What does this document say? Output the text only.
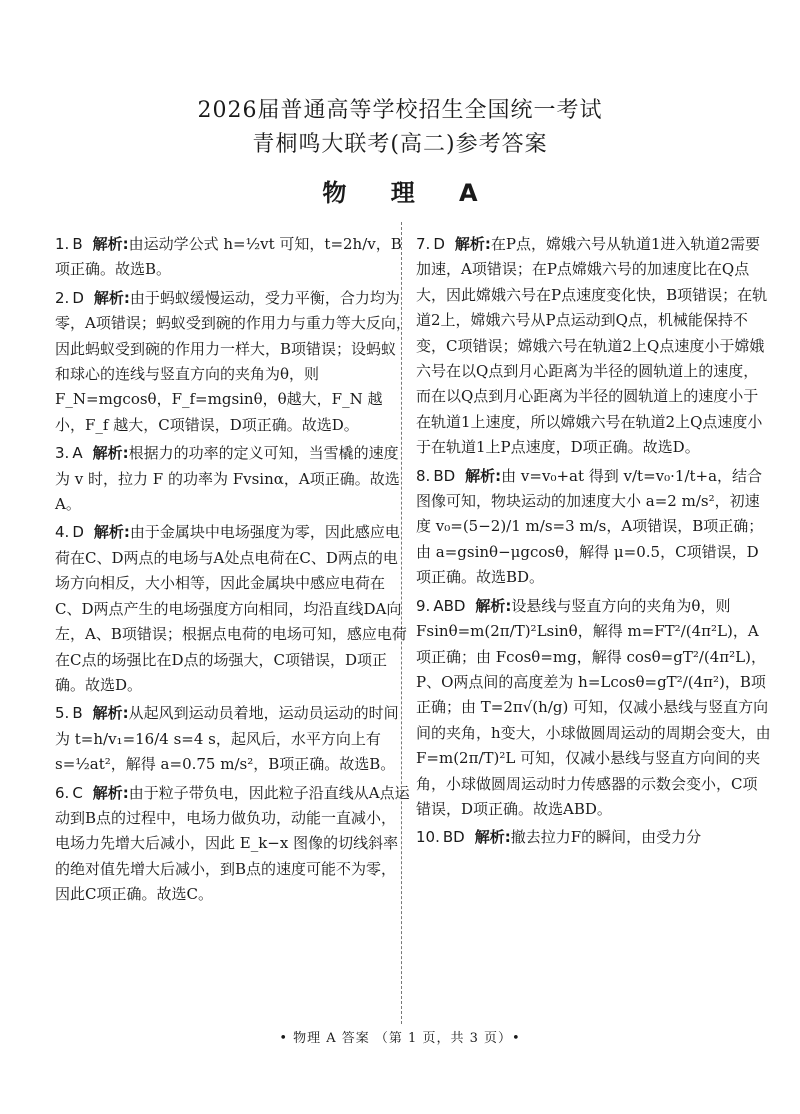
2026届普通高等学校招生全国统一考试
青桐鸣大联考(高二)参考答案
物 理 A
1. B 解析:由运动学公式 h=½vt 可知，t=2h/v，B项正确。故选B。
2. D 解析:由于蚂蚁缓慢运动，受力平衡，合力均为零，A项错误；蚂蚁受到碗的作用力与重力等大反向，因此蚂蚁受到碗的作用力一样大，B项错误；设蚂蚁和球心的连线与竖直方向的夹角为θ，则 F_N=mgcosθ，F_f=mgsinθ，θ越大，F_N 越小，F_f 越大，C项错误，D项正确。故选D。
3. A 解析:根据力的功率的定义可知，当雪橇的速度为 v 时，拉力 F 的功率为 Fvsinα，A项正确。故选A。
4. D 解析:由于金属块中电场强度为零，因此感应电荷在C、D两点的电场与A处点电荷在C、D两点的电场方向相反，大小相等，因此金属块中感应电荷在C、D两点产生的电场强度方向相同，均沿直线DA向左，A、B项错误；根据点电荷的电场可知，感应电荷在C点的场强比在D点的场强大，C项错误，D项正确。故选D。
5. B 解析:从起风到运动员着地，运动员运动的时间为 t=h/v₁=16/4 s=4 s，起风后，水平方向上有 s=½at²，解得 a=0.75 m/s²，B项正确。故选B。
6. C 解析:由于粒子带负电，因此粒子沿直线从A点运动到B点的过程中，电场力做负功，动能一直减小，电场力先增大后减小，因此 E_k−x 图像的切线斜率的绝对值先增大后减小，到B点的速度可能不为零，因此C项正确。故选C。
7. D 解析:在P点，嫦娥六号从轨道1进入轨道2需要加速，A项错误；在P点嫦娥六号的加速度比在Q点大，因此嫦娥六号在P点速度变化快，B项错误；在轨道2上，嫦娥六号从P点运动到Q点，机械能保持不变，C项错误；嫦娥六号在轨道2上Q点速度小于嫦娥六号在以Q点到月心距离为半径的圆轨道上的速度，而在以Q点到月心距离为半径的圆轨道上的速度小于在轨道1上速度，所以嫦娥六号在轨道2上Q点速度小于在轨道1上P点速度，D项正确。故选D。
8. BD 解析:由 v=v₀+at 得到 v/t=v₀·1/t+a，结合图像可知，物块运动的加速度大小 a=2 m/s²，初速度 v₀=(5−2)/1 m/s=3 m/s，A项错误，B项正确；由 a=gsinθ−μgcosθ，解得 μ=0.5，C项错误，D项正确。故选BD。
9. ABD 解析:设悬线与竖直方向的夹角为θ，则 Fsinθ=m(2π/T)²Lsinθ，解得 m=FT²/(4π²L)，A项正确；由 Fcosθ=mg，解得 cosθ=gT²/(4π²L)，P、O两点间的高度差为 h=Lcosθ=gT²/(4π²)，B项正确；由 T=2π√(h/g) 可知，仅减小悬线与竖直方向间的夹角，h变大，小球做圆周运动的周期会变大，由 F=m(2π/T)²L 可知，仅减小悬线与竖直方向间的夹角，小球做圆周运动时力传感器的示数会变小，C项错误，D项正确。故选ABD。
10. BD 解析:撤去拉力F的瞬间，由受力分
• 物理 A 答案 （第 1 页，共 3 页）•
